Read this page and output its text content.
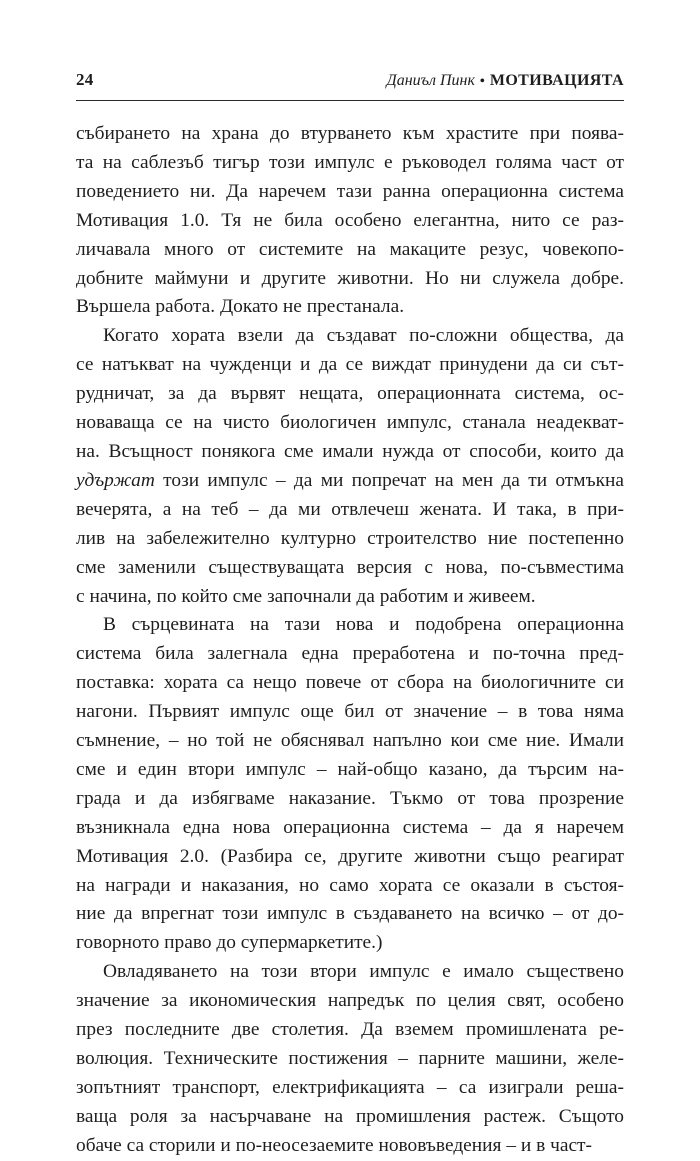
24	Даниъл Пинк • МОТИВАЦИЯТА
събирането на храна до втурването към храстите при поява-
та на саблезъб тигър този импулс е ръководел голяма част от
поведението ни. Да наречем тази ранна операционна система
Мотивация 1.0. Тя не била особено елегантна, нито се раз-
личавала много от системите на макаците резус, човекопо-
добните маймуни и другите животни. Но ни служела добре.
Вършела работа. Докато не престанала.
Когато хората взели да създават по-сложни общества, да
се натъкват на чужденци и да се виждат принудени да си сът-
рудничат, за да вървят нещата, операционната система, ос-
новаваща се на чисто биологичен импулс, станала неадекват-
на. Всъщност понякога сме имали нужда от способи, които да
удържат този импулс – да ми попречат на мен да ти отмъкна
вечерята, а на теб – да ми отвлечеш жената. И така, в при-
лив на забележително културно строителство ние постепенно
сме заменили съществуващата версия с нова, по-съвместима
с начина, по който сме започнали да работим и живеем.
В сърцевината на тази нова и подобрена операционна
система била залегнала една преработена и по-точна пред-
поставка: хората са нещо повече от сбора на биологичните си
нагони. Първият импулс още бил от значение – в това няма
съмнение, – но той не обяснявал напълно кои сме ние. Имали
сме и един втори импулс – най-общо казано, да търсим на-
града и да избягваме наказание. Тъкмо от това прозрение
възникнала една нова операционна система – да я наречем
Мотивация 2.0. (Разбира се, другите животни също реагират
на награди и наказания, но само хората се оказали в състоя-
ние да впрегнат този импулс в създаването на всичко – от до-
говорното право до супермаркетите.)
Овладяването на този втори импулс е имало съществено
значение за икономическия напредък по целия свят, особено
през последните две столетия. Да вземем промишлената ре-
волюция. Техническите постижения – парните машини, желе-
зопътният транспорт, електрификацията – са изиграли реша-
ваща роля за насърчаване на промишления растеж. Същото
обаче са сторили и по-неосезаемите нововъведения – и в част-
